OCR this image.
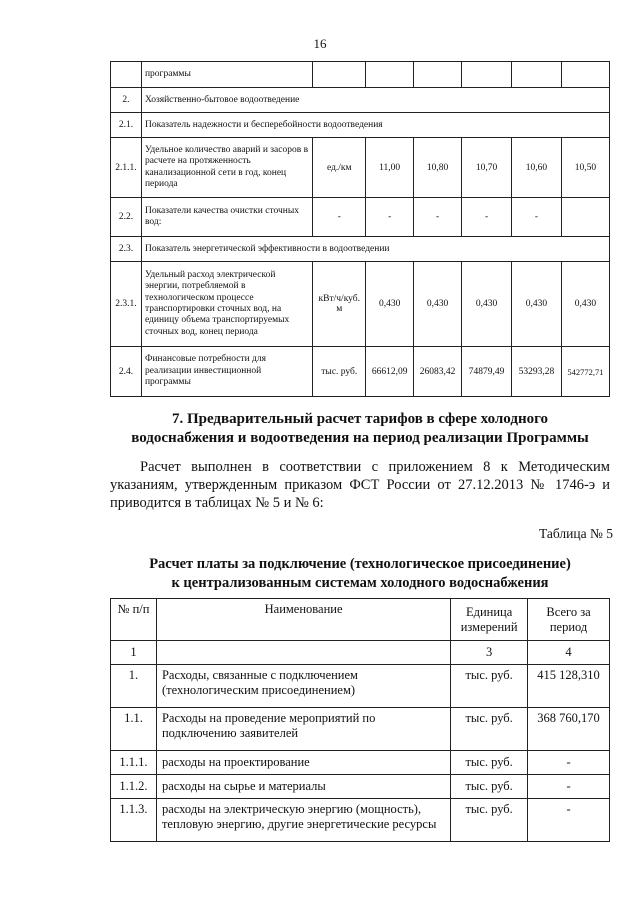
16
	программы						
2.	Хозяйственно-бытовое водоотведение						
2.1.	Показатель надежности и бесперебойности водоотведения						
2.1.1.	Удельное количество аварий и засоров в расчете на протяженность канализационной сети в год, конец периода	ед./км	11,00	10,80	10,70	10,60	10,50
2.2.	Показатели качества очистки сточных вод:	-	-	-	-	-	
2.3.	Показатель энергетической эффективности в водоотведении						
2.3.1.	Удельный расход электрической энергии, потребляемой в технологическом процессе транспортировки сточных вод, на единицу объема транспортируемых сточных вод, конец периода	кВт/ч/куб. м	0,430	0,430	0,430	0,430	0,430
2.4.	Финансовые потребности для реализации инвестиционной программы	тыс. руб.	66612,09	26083,42	74879,49	53293,28	542772,71
7. Предварительный расчет тарифов в сфере холодного
водоснабжения и водоотведения на период реализации Программы
Расчет выполнен в соответствии с приложением 8 к Методическим указаниям, утвержденным приказом ФСТ России от 27.12.2013 № 1746-э и приводится в таблицах № 5 и № 6:
Таблица № 5
Расчет платы за подключение (технологическое присоединение)
к централизованным системам холодного водоснабжения
№ п/п	Наименование	Единица измерений	Всего за период
1		3	4
1.	Расходы, связанные с подключением (технологическим присоединением)	тыс. руб.	415 128,310
1.1.	Расходы на проведение мероприятий по подключению заявителей	тыс. руб.	368 760,170
1.1.1.	расходы на проектирование	тыс. руб.	-
1.1.2.	расходы на сырье и материалы	тыс. руб.	-
1.1.3.	расходы на электрическую энергию (мощность), тепловую энергию, другие энергетические ресурсы	тыс. руб.	-
